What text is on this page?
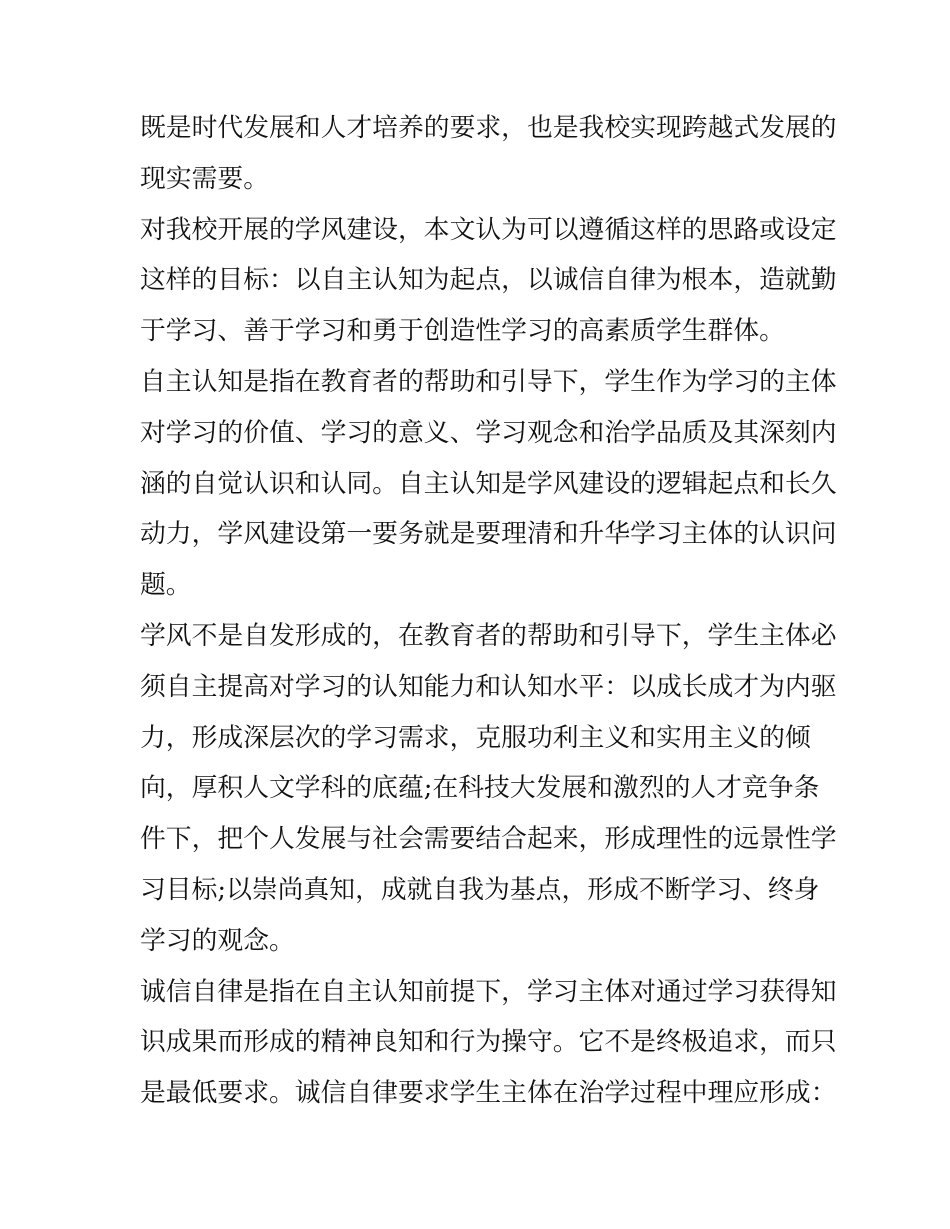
既是时代发展和人才培养的要求，也是我校实现跨越式发展的
现实需要。
对我校开展的学风建设，本文认为可以遵循这样的思路或设定
这样的目标：以自主认知为起点，以诚信自律为根本，造就勤
于学习、善于学习和勇于创造性学习的高素质学生群体。
自主认知是指在教育者的帮助和引导下，学生作为学习的主体
对学习的价值、学习的意义、学习观念和治学品质及其深刻内
涵的自觉认识和认同。自主认知是学风建设的逻辑起点和长久
动力，学风建设第一要务就是要理清和升华学习主体的认识问
题。
学风不是自发形成的，在教育者的帮助和引导下，学生主体必
须自主提高对学习的认知能力和认知水平：以成长成才为内驱
力，形成深层次的学习需求，克服功利主义和实用主义的倾
向，厚积人文学科的底蕴;在科技大发展和激烈的人才竞争条
件下，把个人发展与社会需要结合起来，形成理性的远景性学
习目标;以崇尚真知，成就自我为基点，形成不断学习、终身
学习的观念。
诚信自律是指在自主认知前提下，学习主体对通过学习获得知
识成果而形成的精神良知和行为操守。它不是终极追求，而只
是最低要求。诚信自律要求学生主体在治学过程中理应形成：
